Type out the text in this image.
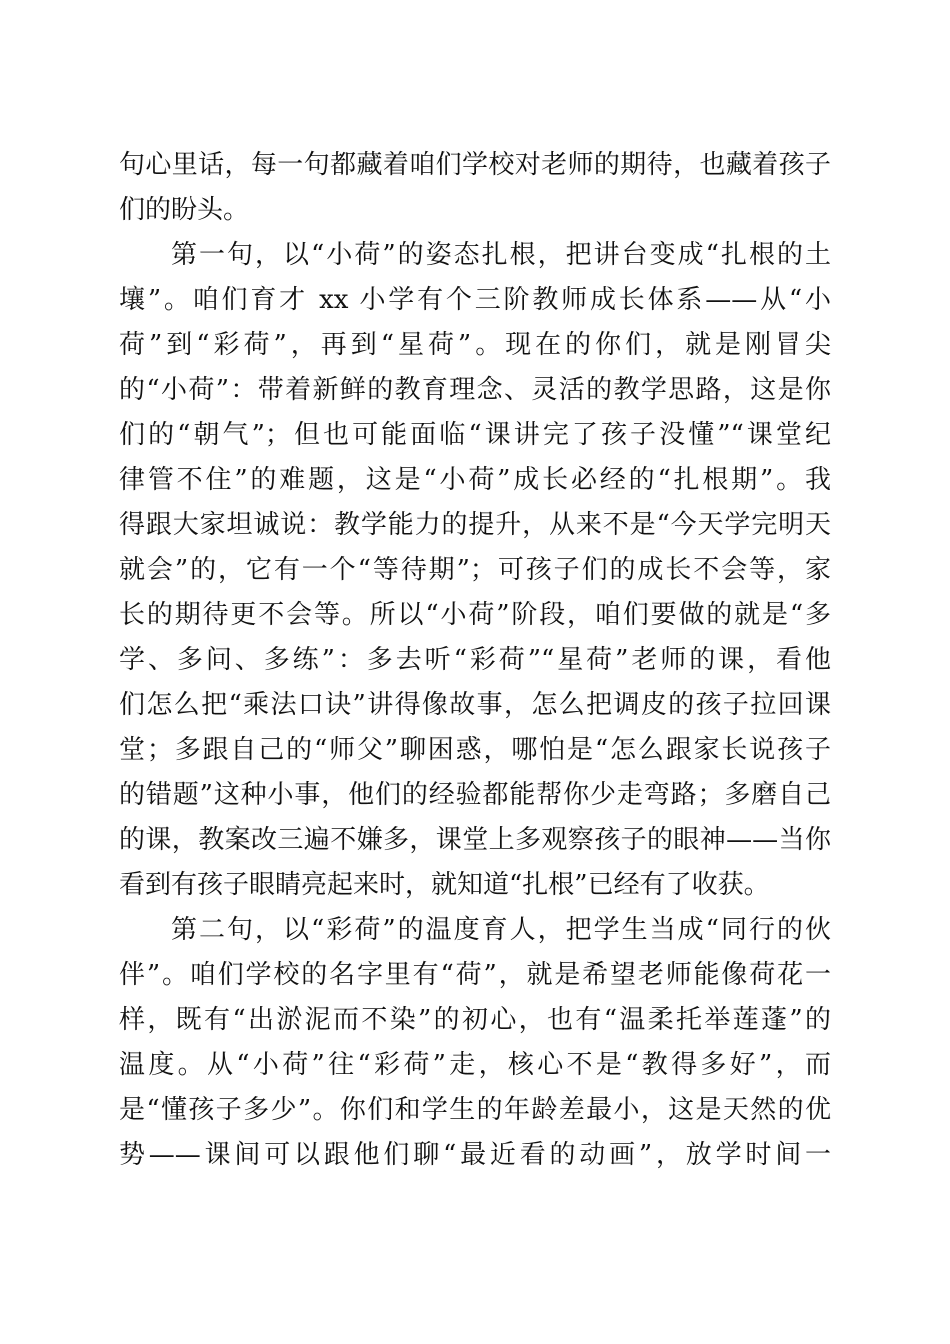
句心里话，每一句都藏着咱们学校对老师的期待，也藏着孩子
们的盼头。
第一句，以“小荷”的姿态扎根，把讲台变成“扎根的土
壤”。咱们育才 xx 小学有个三阶教师成长体系——从“小
荷”到“彩荷”，再到“星荷”。现在的你们，就是刚冒尖
的“小荷”：带着新鲜的教育理念、灵活的教学思路，这是你
们的“朝气”；但也可能面临“课讲完了孩子没懂”“课堂纪
律管不住”的难题，这是“小荷”成长必经的“扎根期”。我
得跟大家坦诚说：教学能力的提升，从来不是“今天学完明天
就会”的，它有一个“等待期”；可孩子们的成长不会等，家
长的期待更不会等。所以“小荷”阶段，咱们要做的就是“多
学、多问、多练”：多去听“彩荷”“星荷”老师的课，看他
们怎么把“乘法口诀”讲得像故事，怎么把调皮的孩子拉回课
堂；多跟自己的“师父”聊困惑，哪怕是“怎么跟家长说孩子
的错题”这种小事，他们的经验都能帮你少走弯路；多磨自己
的课，教案改三遍不嫌多，课堂上多观察孩子的眼神——当你
看到有孩子眼睛亮起来时，就知道“扎根”已经有了收获。
第二句，以“彩荷”的温度育人，把学生当成“同行的伙
伴”。咱们学校的名字里有“荷”，就是希望老师能像荷花一
样，既有“出淤泥而不染”的初心，也有“温柔托举莲蓬”的
温度。从“小荷”往“彩荷”走，核心不是“教得多好”，而
是“懂孩子多少”。你们和学生的年龄差最小，这是天然的优
势——课间可以跟他们聊“最近看的动画”，放学时间一
